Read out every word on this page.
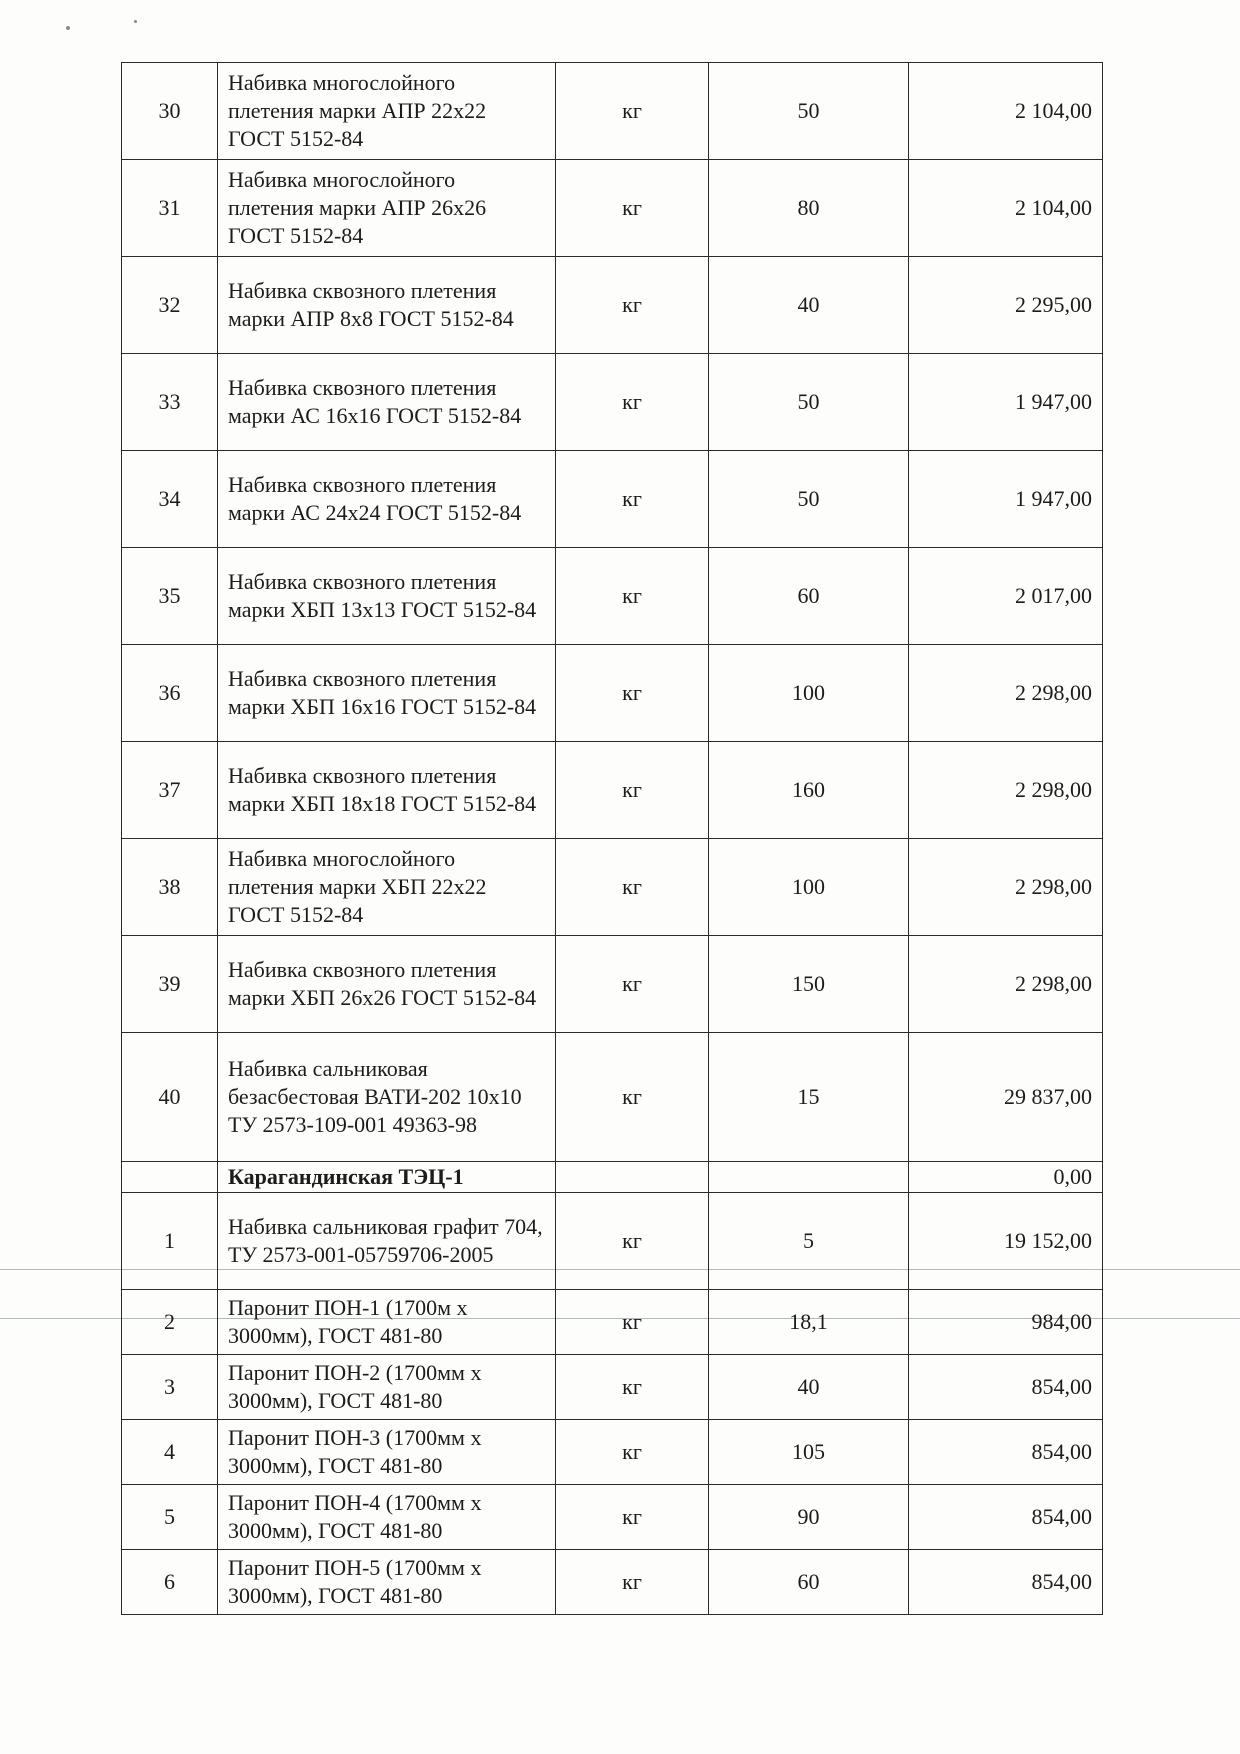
30	Набивка многослойного плетения марки АПР 22х22 ГОСТ 5152-84	кг	50	2 104,00
31	Набивка многослойного плетения марки АПР 26х26 ГОСТ 5152-84	кг	80	2 104,00
32	Набивка сквозного плетения марки АПР 8х8 ГОСТ 5152-84	кг	40	2 295,00
33	Набивка сквозного плетения марки АС 16х16 ГОСТ 5152-84	кг	50	1 947,00
34	Набивка сквозного плетения марки АС 24х24 ГОСТ 5152-84	кг	50	1 947,00
35	Набивка сквозного плетения марки ХБП 13х13 ГОСТ 5152-84	кг	60	2 017,00
36	Набивка сквозного плетения марки ХБП 16х16 ГОСТ 5152-84	кг	100	2 298,00
37	Набивка сквозного плетения марки ХБП 18х18 ГОСТ 5152-84	кг	160	2 298,00
38	Набивка многослойного плетения марки ХБП 22х22 ГОСТ 5152-84	кг	100	2 298,00
39	Набивка сквозного плетения марки ХБП 26х26 ГОСТ 5152-84	кг	150	2 298,00
40	Набивка сальниковая безасбестовая ВАТИ-202 10х10 ТУ 2573-109-001 49363-98	кг	15	29 837,00
	Карагандинская ТЭЦ-1			0,00
1	Набивка сальниковая графит 704, ТУ 2573-001-05759706-2005	кг	5	19 152,00
2	Паронит ПОН-1 (1700м х 3000мм), ГОСТ 481-80	кг	18,1	984,00
3	Паронит ПОН-2 (1700мм х 3000мм), ГОСТ 481-80	кг	40	854,00
4	Паронит ПОН-3 (1700мм х 3000мм), ГОСТ 481-80	кг	105	854,00
5	Паронит ПОН-4 (1700мм х 3000мм), ГОСТ 481-80	кг	90	854,00
6	Паронит ПОН-5 (1700мм х 3000мм), ГОСТ 481-80	кг	60	854,00
